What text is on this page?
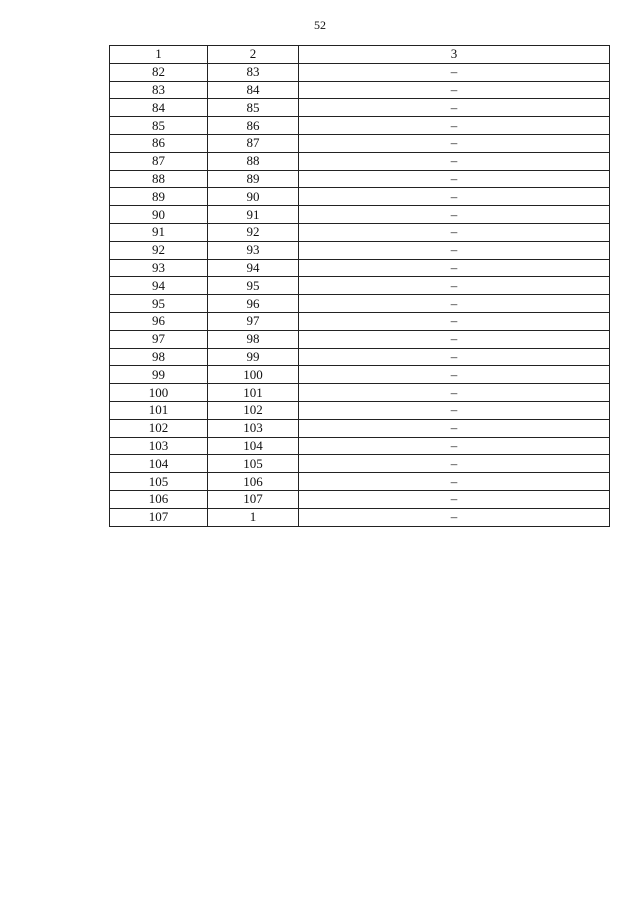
52
1	2	3
82	83	–
83	84	–
84	85	–
85	86	–
86	87	–
87	88	–
88	89	–
89	90	–
90	91	–
91	92	–
92	93	–
93	94	–
94	95	–
95	96	–
96	97	–
97	98	–
98	99	–
99	100	–
100	101	–
101	102	–
102	103	–
103	104	–
104	105	–
105	106	–
106	107	–
107	1	–
